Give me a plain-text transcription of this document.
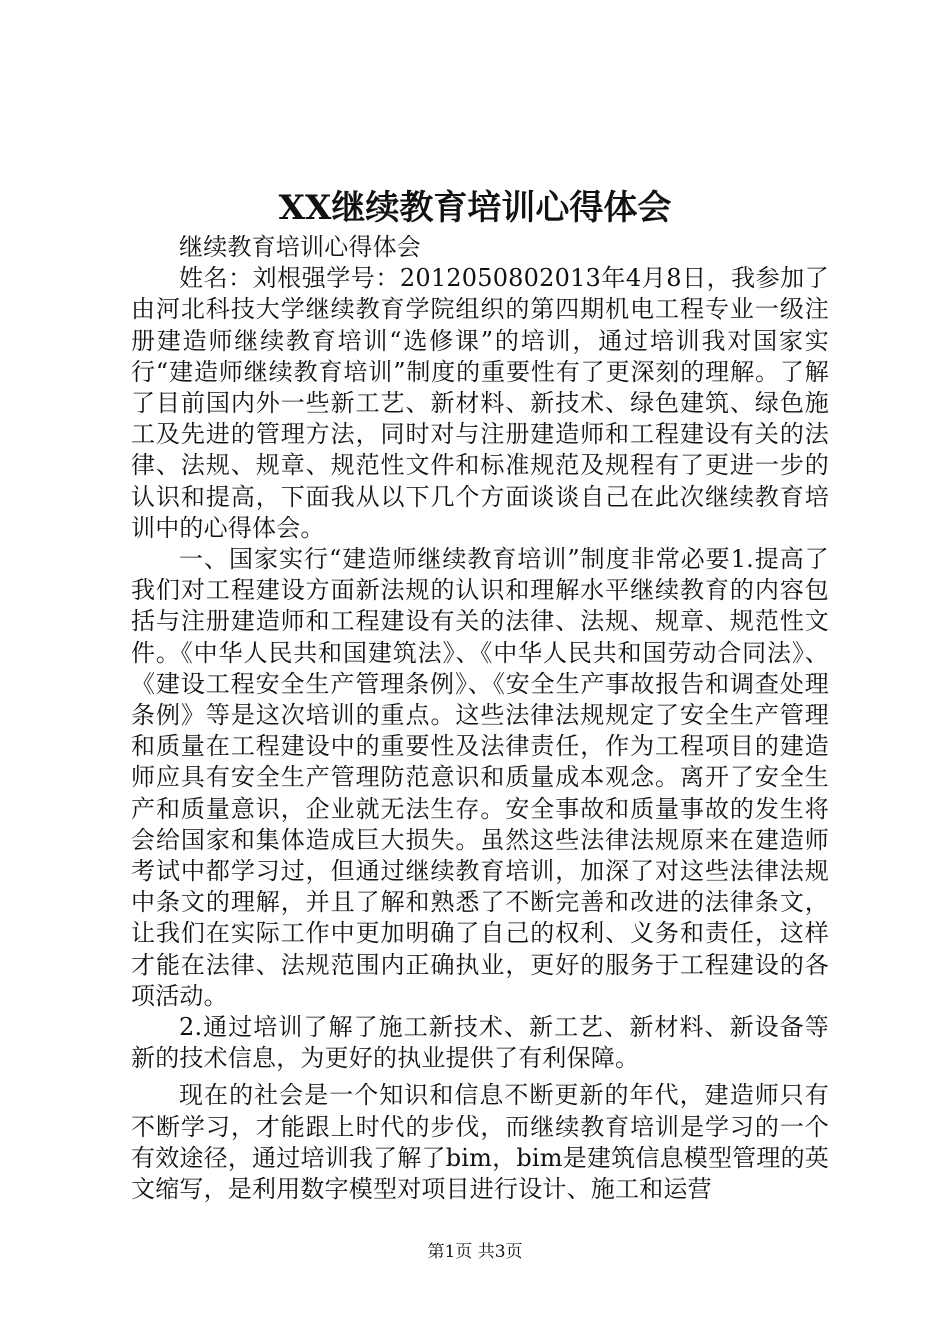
XX继续教育培训心得体会

继续教育培训心得体会

姓名：刘根强学号：2012050802013年4月8日，我参加了由河北科技大学继续教育学院组织的第四期机电工程专业一级注册建造师继续教育培训“选修课”的培训，通过培训我对国家实行“建造师继续教育培训”制度的重要性有了更深刻的理解。了解了目前国内外一些新工艺、新材料、新技术、绿色建筑、绿色施工及先进的管理方法，同时对与注册建造师和工程建设有关的法律、法规、规章、规范性文件和标准规范及规程有了更进一步的认识和提高，下面我从以下几个方面谈谈自己在此次继续教育培训中的心得体会。

一、国家实行“建造师继续教育培训”制度非常必要1.提高了我们对工程建设方面新法规的认识和理解水平继续教育的内容包括与注册建造师和工程建设有关的法律、法规、规章、规范性文件。《中华人民共和国建筑法》、《中华人民共和国劳动合同法》、《建设工程安全生产管理条例》、《安全生产事故报告和调查处理条例》等是这次培训的重点。这些法律法规规定了安全生产管理和质量在工程建设中的重要性及法律责任，作为工程项目的建造师应具有安全生产管理防范意识和质量成本观念。离开了安全生产和质量意识，企业就无法生存。安全事故和质量事故的发生将会给国家和集体造成巨大损失。虽然这些法律法规原来在建造师考试中都学习过，但通过继续教育培训，加深了对这些法律法规中条文的理解，并且了解和熟悉了不断完善和改进的法律条文，让我们在实际工作中更加明确了自己的权利、义务和责任，这样才能在法律、法规范围内正确执业，更好的服务于工程建设的各项活动。

2.通过培训了解了施工新技术、新工艺、新材料、新设备等新的技术信息，为更好的执业提供了有利保障。

现在的社会是一个知识和信息不断更新的年代，建造师只有不断学习，才能跟上时代的步伐，而继续教育培训是学习的一个有效途径，通过培训我了解了bim，bim是建筑信息模型管理的英文缩写，是利用数字模型对项目进行设计、施工和运营

第1页 共3页
